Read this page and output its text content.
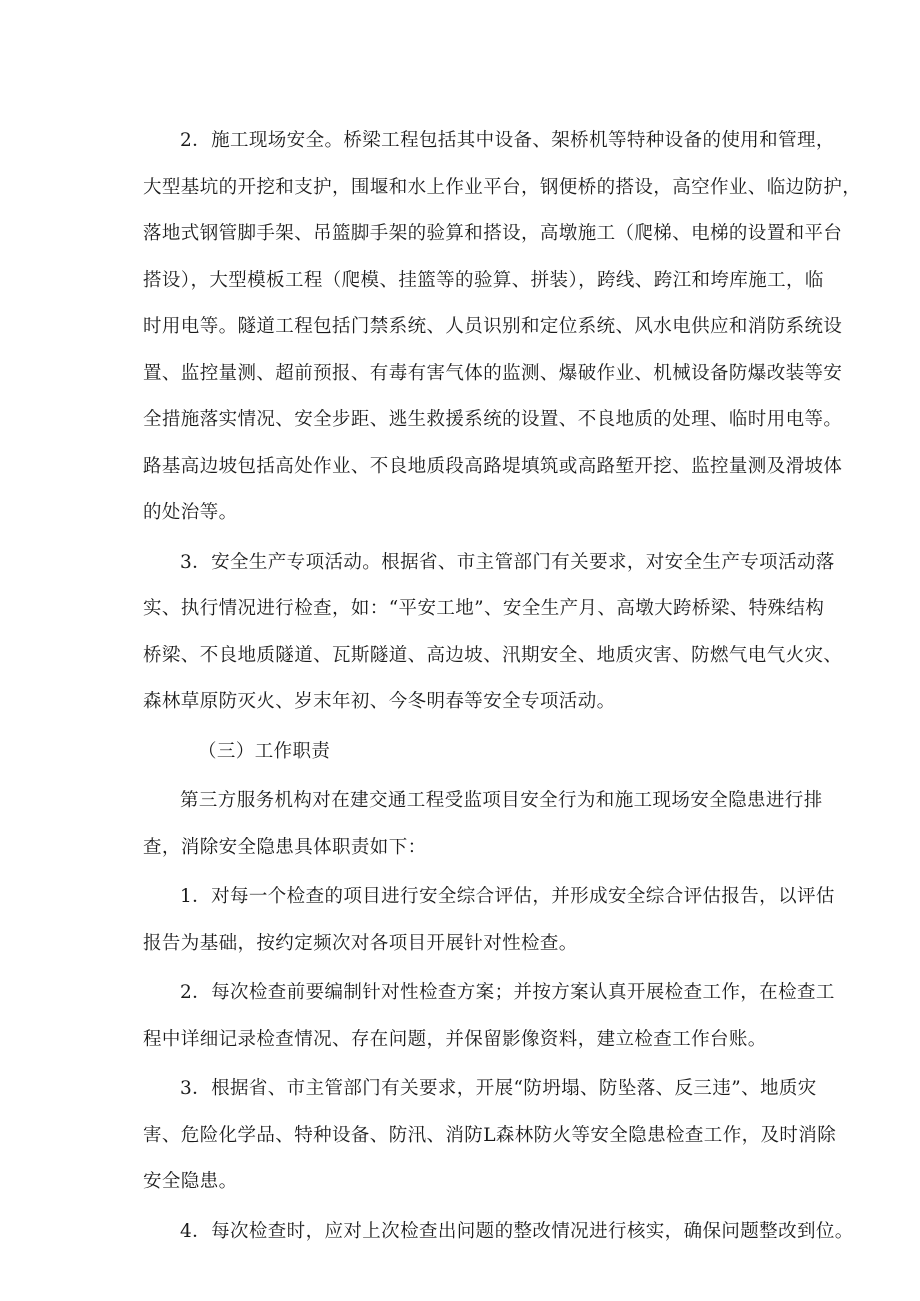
2．施工现场安全。桥梁工程包括其中设备、架桥机等特种设备的使用和管理，
大型基坑的开挖和支护，围堰和水上作业平台，钢便桥的搭设，高空作业、临边防护，
落地式钢管脚手架、吊篮脚手架的验算和搭设，高墩施工（爬梯、电梯的设置和平台
搭设），大型模板工程（爬模、挂篮等的验算、拼装），跨线、跨江和垮库施工，临
时用电等。隧道工程包括门禁系统、人员识别和定位系统、风水电供应和消防系统设
置、监控量测、超前预报、有毒有害气体的监测、爆破作业、机械设备防爆改装等安
全措施落实情况、安全步距、逃生救援系统的设置、不良地质的处理、临时用电等。
路基高边坡包括高处作业、不良地质段高路堤填筑或高路堑开挖、监控量测及滑坡体
的处治等。

3．安全生产专项活动。根据省、市主管部门有关要求，对安全生产专项活动落
实、执行情况进行检查，如：“平安工地”、安全生产月、高墩大跨桥梁、特殊结构
桥梁、不良地质隧道、瓦斯隧道、高边坡、汛期安全、地质灾害、防燃气电气火灾、
森林草原防灭火、岁末年初、今冬明春等安全专项活动。

（三）工作职责

第三方服务机构对在建交通工程受监项目安全行为和施工现场安全隐患进行排
查，消除安全隐患具体职责如下：

1．对每一个检查的项目进行安全综合评估，并形成安全综合评估报告，以评估
报告为基础，按约定频次对各项目开展针对性检查。

2．每次检查前要编制针对性检查方案；并按方案认真开展检查工作，在检查工
程中详细记录检查情况、存在问题，并保留影像资料，建立检查工作台账。

3．根据省、市主管部门有关要求，开展“防坍塌、防坠落、反三违”、地质灾
害、危险化学品、特种设备、防汛、消防L森林防火等安全隐患检查工作，及时消除
安全隐患。

4．每次检查时，应对上次检查出问题的整改情况进行核实，确保问题整改到位。
